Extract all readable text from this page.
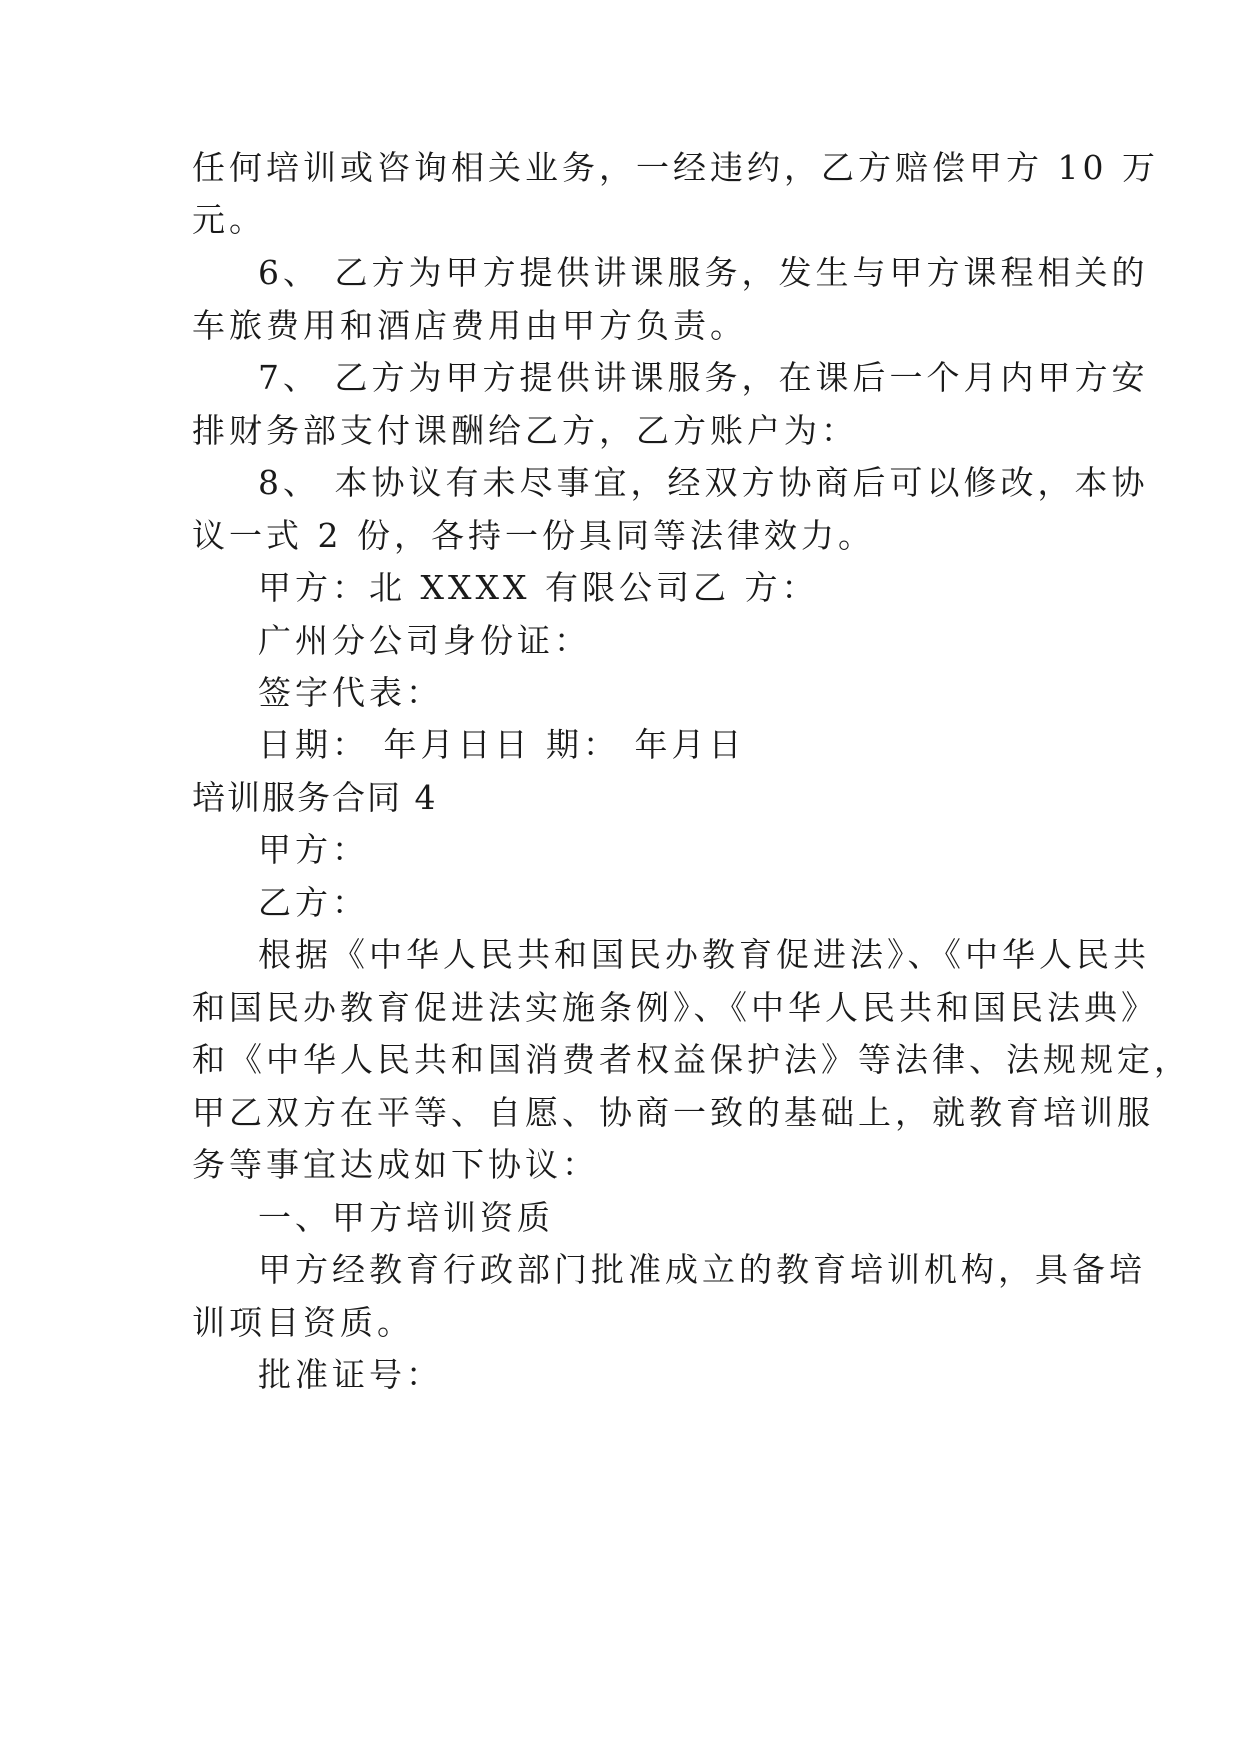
任何培训或咨询相关业务，一经违约，乙方赔偿甲方 10 万
元。
6、 乙方为甲方提供讲课服务，发生与甲方课程相关的
车旅费用和酒店费用由甲方负责。
7、 乙方为甲方提供讲课服务，在课后一个月内甲方安
排财务部支付课酬给乙方，乙方账户为：
8、 本协议有未尽事宜，经双方协商后可以修改，本协
议一式 2 份，各持一份具同等法律效力。
甲方：北 XXXX 有限公司乙 方：
广州分公司身份证：
签字代表：
日期： 年月日日 期： 年月日
培训服务合同 4
甲方：
乙方：
根据《中华人民共和国民办教育促进法》、《中华人民共
和国民办教育促进法实施条例》、《中华人民共和国民法典》
和《中华人民共和国消费者权益保护法》等法律、法规规定，
甲乙双方在平等、自愿、协商一致的基础上，就教育培训服
务等事宜达成如下协议：
一、甲方培训资质
甲方经教育行政部门批准成立的教育培训机构，具备培
训项目资质。
批准证号：
